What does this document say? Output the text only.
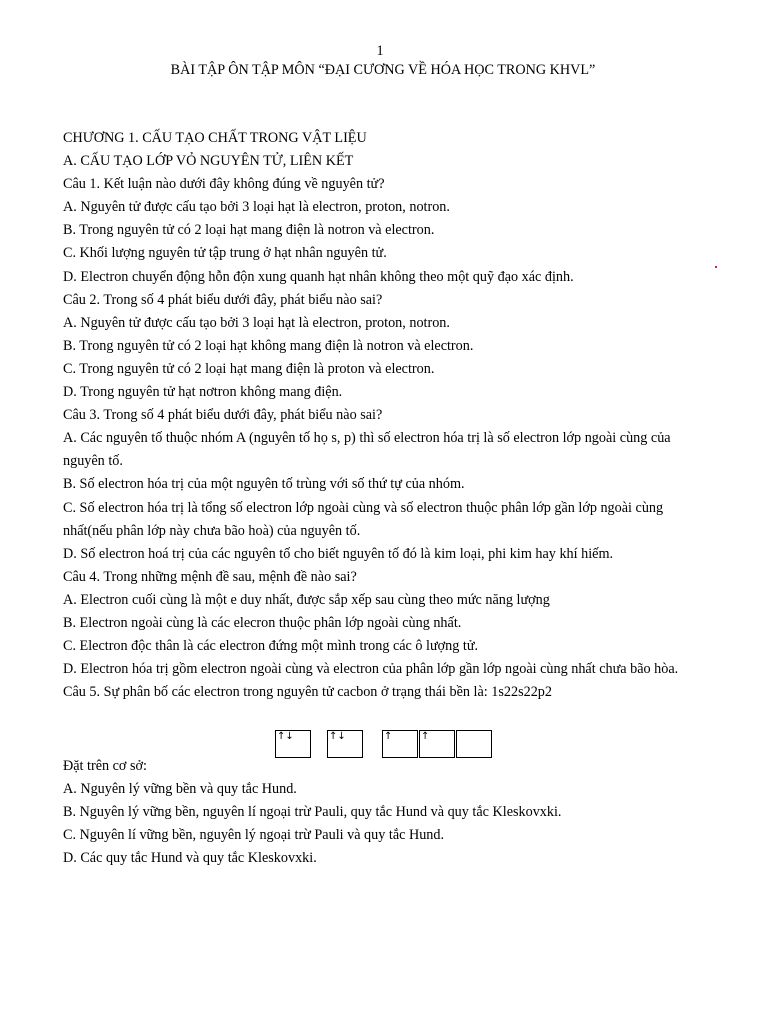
1
BÀI TẬP ÔN TẬP MÔN “ĐẠI CƯƠNG VỀ HÓA HỌC TRONG KHVL”

CHƯƠNG 1. CẤU TẠO CHẤT TRONG VẬT LIỆU

A. CẤU TẠO LỚP VỎ NGUYÊN TỬ, LIÊN KẾT

Câu 1. Kết luận nào dưới đây không đúng về nguyên tử?

A. Nguyên tử được cấu tạo bởi 3 loại hạt là electron, proton, notron.

B. Trong nguyên tử có 2 loại hạt mang điện là notron và electron.

C. Khối lượng nguyên tử tập trung ở hạt nhân nguyên tử.

D. Electron chuyển động hỗn độn xung quanh hạt nhân không theo một quỹ đạo xác định.

Câu 2. Trong số 4 phát biểu dưới đây, phát biểu nào sai?

A. Nguyên tử được cấu tạo bởi 3 loại hạt là electron, proton, notron.

B. Trong nguyên tử có 2 loại hạt không mang điện là notron và electron.

C. Trong nguyên tử có 2 loại hạt mang điện là proton và electron.

D. Trong nguyên tử hạt nơtron không mang điện.

Câu 3. Trong số 4 phát biểu dưới đây, phát biểu nào sai?

A. Các nguyên tố thuộc nhóm A (nguyên tố họ s, p) thì số electron hóa trị là số electron lớp ngoài cùng của nguyên tố.

B. Số electron hóa trị của một nguyên tố trùng với số thứ tự của nhóm.

C. Số electron hóa trị là tổng số electron lớp ngoài cùng và số electron thuộc phân lớp gần lớp ngoài cùng nhất(nếu phân lớp này chưa bão hoà) của nguyên tố.

D. Số electron hoá trị của các nguyên tố cho biết nguyên tố đó là kim loại, phi kim hay khí hiếm.

Câu 4. Trong những mệnh đề sau, mệnh đề nào sai?

A. Electron cuối cùng là một e duy nhất, được sắp xếp sau cùng theo mức năng lượng

B. Electron ngoài cùng là các elecron thuộc phân lớp ngoài cùng nhất.

C. Electron độc thân là các electron đứng một mình trong các ô lượng tử.

D. Electron hóa trị gồm electron ngoài cùng và electron của phân lớp gần lớp ngoài cùng nhất chưa bão hòa.

Câu 5. Sự phân bố các electron trong nguyên tử cacbon ở trạng thái bền là: 1s22s22p2

↑↓	↑↓	↑	↑

Đặt trên cơ sở:

A. Nguyên lý vững bền và quy tắc Hund.

B. Nguyên lý vững bền, nguyên lí ngoại trừ Pauli, quy tắc Hund và quy tắc Kleskovxki.

C. Nguyên lí vững bền, nguyên lý ngoại trừ Pauli và quy tắc Hund.

D. Các quy tắc Hund và quy tắc Kleskovxki.
